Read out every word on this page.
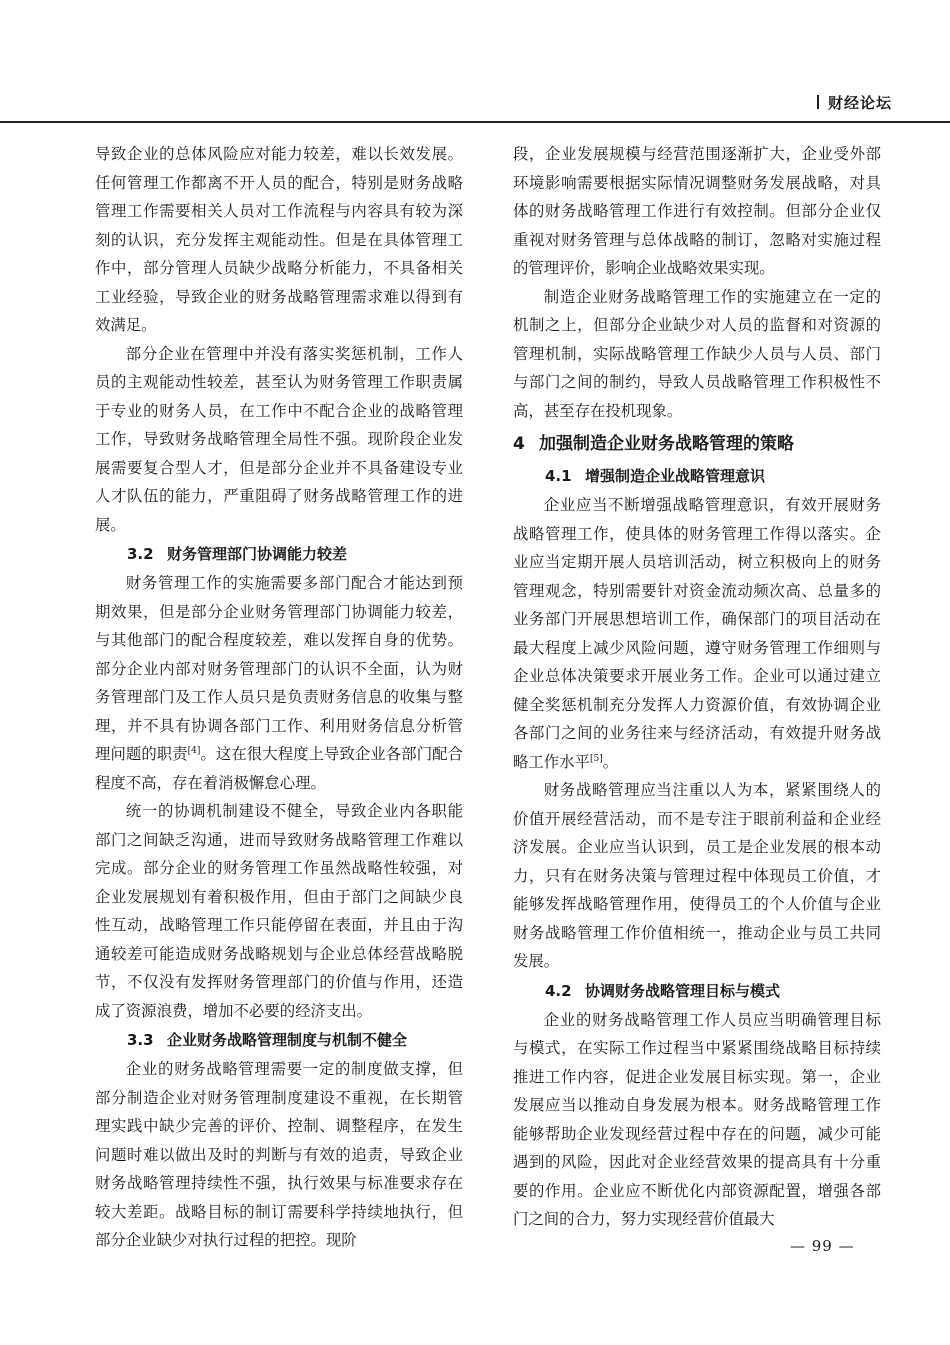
财经论坛

导致企业的总体风险应对能力较差，难以长效发展。任何管理工作都离不开人员的配合，特别是财务战略管理工作需要相关人员对工作流程与内容具有较为深刻的认识，充分发挥主观能动性。但是在具体管理工作中，部分管理人员缺少战略分析能力，不具备相关工业经验，导致企业的财务战略管理需求难以得到有效满足。

部分企业在管理中并没有落实奖惩机制，工作人员的主观能动性较差，甚至认为财务管理工作职责属于专业的财务人员，在工作中不配合企业的战略管理工作，导致财务战略管理全局性不强。现阶段企业发展需要复合型人才，但是部分企业并不具备建设专业人才队伍的能力，严重阻碍了财务战略管理工作的进展。

3.2 财务管理部门协调能力较差

财务管理工作的实施需要多部门配合才能达到预期效果，但是部分企业财务管理部门协调能力较差，与其他部门的配合程度较差，难以发挥自身的优势。部分企业内部对财务管理部门的认识不全面，认为财务管理部门及工作人员只是负责财务信息的收集与整理，并不具有协调各部门工作、利用财务信息分析管理问题的职责[4]。这在很大程度上导致企业各部门配合程度不高，存在着消极懈怠心理。

统一的协调机制建设不健全，导致企业内各职能部门之间缺乏沟通，进而导致财务战略管理工作难以完成。部分企业的财务管理工作虽然战略性较强，对企业发展规划有着积极作用，但由于部门之间缺少良性互动，战略管理工作只能停留在表面，并且由于沟通较差可能造成财务战略规划与企业总体经营战略脱节，不仅没有发挥财务管理部门的价值与作用，还造成了资源浪费，增加不必要的经济支出。

3.3 企业财务战略管理制度与机制不健全

企业的财务战略管理需要一定的制度做支撑，但部分制造企业对财务管理制度建设不重视，在长期管理实践中缺少完善的评价、控制、调整程序，在发生问题时难以做出及时的判断与有效的追责，导致企业财务战略管理持续性不强，执行效果与标准要求存在较大差距。战略目标的制订需要科学持续地执行，但部分企业缺少对执行过程的把控。现阶

段，企业发展规模与经营范围逐渐扩大，企业受外部环境影响需要根据实际情况调整财务发展战略，对具体的财务战略管理工作进行有效控制。但部分企业仅重视对财务管理与总体战略的制订，忽略对实施过程的管理评价，影响企业战略效果实现。

制造企业财务战略管理工作的实施建立在一定的机制之上，但部分企业缺少对人员的监督和对资源的管理机制，实际战略管理工作缺少人员与人员、部门与部门之间的制约，导致人员战略管理工作积极性不高，甚至存在投机现象。

4 加强制造企业财务战略管理的策略
4.1 增强制造企业战略管理意识

企业应当不断增强战略管理意识，有效开展财务战略管理工作，使具体的财务管理工作得以落实。企业应当定期开展人员培训活动，树立积极向上的财务管理观念，特别需要针对资金流动频次高、总量多的业务部门开展思想培训工作，确保部门的项目活动在最大程度上减少风险问题，遵守财务管理工作细则与企业总体决策要求开展业务工作。企业可以通过建立健全奖惩机制充分发挥人力资源价值，有效协调企业各部门之间的业务往来与经济活动，有效提升财务战略工作水平[5]。

财务战略管理应当注重以人为本，紧紧围绕人的价值开展经营活动，而不是专注于眼前利益和企业经济发展。企业应当认识到，员工是企业发展的根本动力，只有在财务决策与管理过程中体现员工价值，才能够发挥战略管理作用，使得员工的个人价值与企业财务战略管理工作价值相统一，推动企业与员工共同发展。

4.2 协调财务战略管理目标与模式

企业的财务战略管理工作人员应当明确管理目标与模式，在实际工作过程当中紧紧围绕战略目标持续推进工作内容，促进企业发展目标实现。第一，企业发展应当以推动自身发展为根本。财务战略管理工作能够帮助企业发现经营过程中存在的问题，减少可能遇到的风险，因此对企业经营效果的提高具有十分重要的作用。企业应不断优化内部资源配置，增强各部门之间的合力，努力实现经营价值最大

— 99 —
